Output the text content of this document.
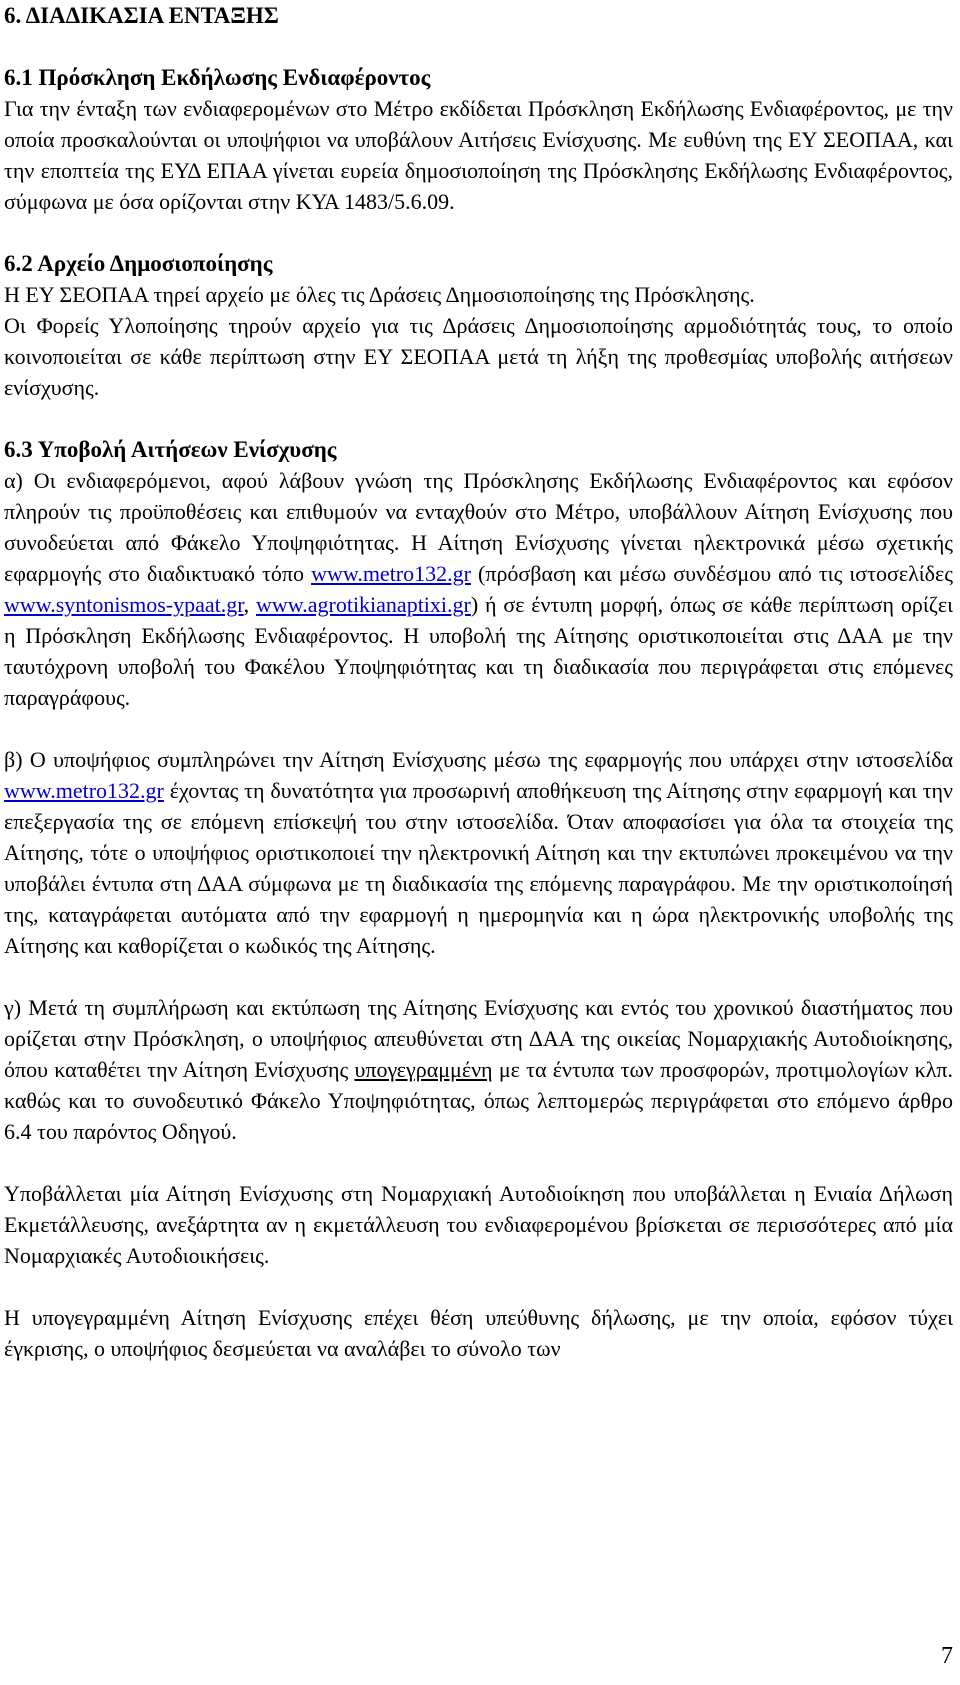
6. ΔΙΑΔΙΚΑΣΙΑ ΕΝΤΑΞΗΣ

6.1 Πρόσκληση Εκδήλωσης Ενδιαφέροντος

Για την ένταξη των ενδιαφερομένων στο Μέτρο εκδίδεται Πρόσκληση Εκδήλωσης Ενδιαφέροντος, με την οποία προσκαλούνται οι υποψήφιοι να υποβάλουν Αιτήσεις Ενίσχυσης. Με ευθύνη της ΕΥ ΣΕΟΠΑΑ, και την εποπτεία της ΕΥΔ ΕΠΑΑ γίνεται ευρεία δημοσιοποίηση της Πρόσκλησης Εκδήλωσης Ενδιαφέροντος, σύμφωνα με όσα ορίζονται στην ΚΥΑ 1483/5.6.09.

6.2 Αρχείο Δημοσιοποίησης

Η ΕΥ ΣΕΟΠΑΑ τηρεί αρχείο με όλες τις Δράσεις Δημοσιοποίησης της Πρόσκλησης.

Οι Φορείς Υλοποίησης τηρούν αρχείο για τις Δράσεις Δημοσιοποίησης αρμοδιότητάς τους, το οποίο κοινοποιείται σε κάθε περίπτωση στην ΕΥ ΣΕΟΠΑΑ μετά τη λήξη της προθεσμίας υποβολής αιτήσεων ενίσχυσης.

6.3 Υποβολή Αιτήσεων Ενίσχυσης

α) Οι ενδιαφερόμενοι, αφού λάβουν γνώση της Πρόσκλησης Εκδήλωσης Ενδιαφέροντος και εφόσον πληρούν τις προϋποθέσεις και επιθυμούν να ενταχθούν στο Μέτρο, υποβάλλουν Αίτηση Ενίσχυσης που συνοδεύεται από Φάκελο Υποψηφιότητας. Η Αίτηση Ενίσχυσης γίνεται ηλεκτρονικά μέσω σχετικής εφαρμογής στο διαδικτυακό τόπο www.metro132.gr (πρόσβαση και μέσω συνδέσμου από τις ιστοσελίδες www.syntonismos-ypaat.gr, www.agrotikianaptixi.gr) ή σε έντυπη μορφή, όπως σε κάθε περίπτωση ορίζει η Πρόσκληση Εκδήλωσης Ενδιαφέροντος. Η υποβολή της Αίτησης οριστικοποιείται στις ΔΑΑ με την ταυτόχρονη υποβολή του Φακέλου Υποψηφιότητας και τη διαδικασία που περιγράφεται στις επόμενες παραγράφους.

β) Ο υποψήφιος συμπληρώνει την Αίτηση Ενίσχυσης μέσω της εφαρμογής που υπάρχει στην ιστοσελίδα www.metro132.gr έχοντας τη δυνατότητα για προσωρινή αποθήκευση της Αίτησης στην εφαρμογή και την επεξεργασία της σε επόμενη επίσκεψή του στην ιστοσελίδα. Όταν αποφασίσει για όλα τα στοιχεία της Αίτησης, τότε ο υποψήφιος οριστικοποιεί την ηλεκτρονική Αίτηση και την εκτυπώνει προκειμένου να την υποβάλει έντυπα στη ΔΑΑ σύμφωνα με τη διαδικασία της επόμενης παραγράφου. Με την οριστικοποίησή της, καταγράφεται αυτόματα από την εφαρμογή η ημερομηνία και η ώρα ηλεκτρονικής υποβολής της Αίτησης και καθορίζεται ο κωδικός της Αίτησης.

γ) Μετά τη συμπλήρωση και εκτύπωση της Αίτησης Ενίσχυσης και εντός του χρονικού διαστήματος που ορίζεται στην Πρόσκληση, ο υποψήφιος απευθύνεται στη ΔΑΑ της οικείας Νομαρχιακής Αυτοδιοίκησης, όπου καταθέτει την Αίτηση Ενίσχυσης υπογεγραμμένη με τα έντυπα των προσφορών, προτιμολογίων κλπ. καθώς και το συνοδευτικό Φάκελο Υποψηφιότητας, όπως λεπτομερώς περιγράφεται στο επόμενο άρθρο 6.4 του παρόντος Οδηγού.

Υποβάλλεται μία Αίτηση Ενίσχυσης στη Νομαρχιακή Αυτοδιοίκηση που υποβάλλεται η Ενιαία Δήλωση Εκμετάλλευσης, ανεξάρτητα αν η εκμετάλλευση του ενδιαφερομένου βρίσκεται σε περισσότερες από μία Νομαρχιακές Αυτοδιοικήσεις.

Η υπογεγραμμένη Αίτηση Ενίσχυσης επέχει θέση υπεύθυνης δήλωσης, με την οποία, εφόσον τύχει έγκρισης, ο υποψήφιος δεσμεύεται να αναλάβει το σύνολο των

7
